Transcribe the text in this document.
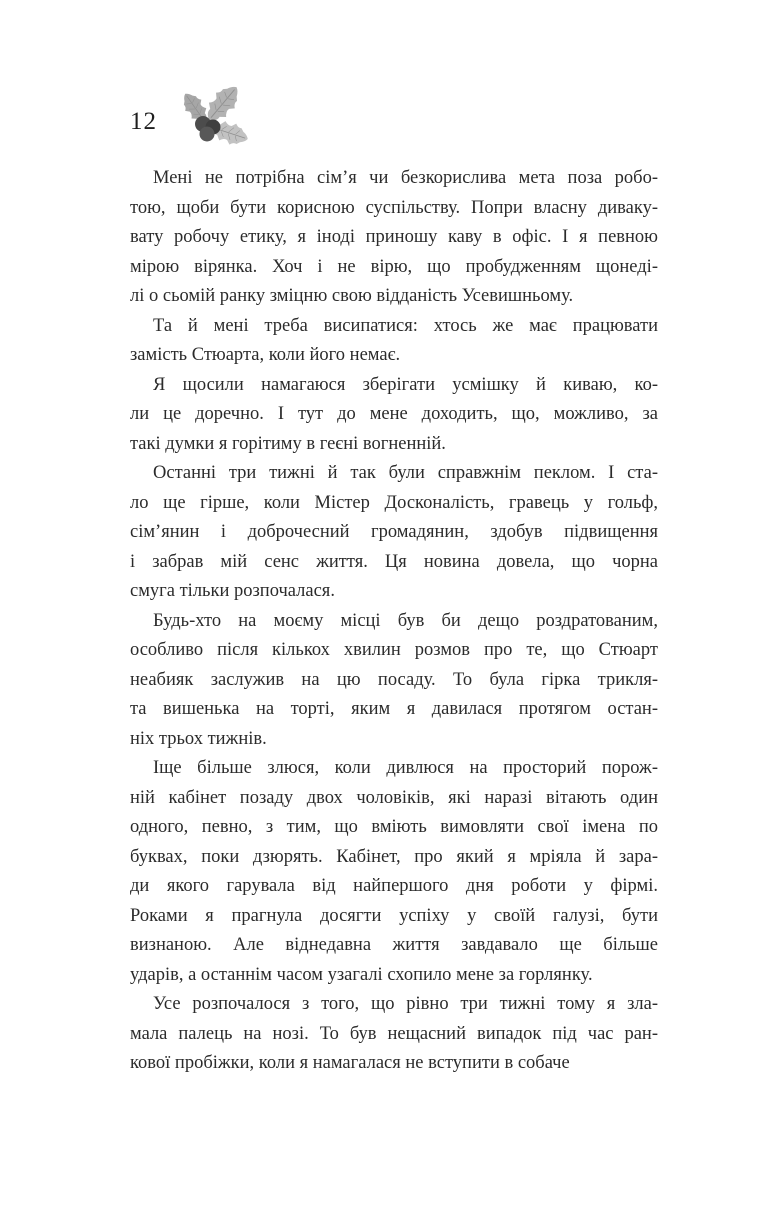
12

Мені не потрібна сім’я чи безкорислива мета поза робо-
тою, щоби бути корисною суспільству. Попри власну диваку-
вату робочу етику, я іноді приношу каву в офіс. І я певною
мірою вірянка. Хоч і не вірю, що пробудженням щонеді-
лі о сьомій ранку зміцню свою відданість Усевишньому.

Та й мені треба висипатися: хтось же має працювати
замість Стюарта, коли його немає.

Я щосили намагаюся зберігати усмішку й киваю, ко-
ли це доречно. І тут до мене доходить, що, можливо, за
такі думки я горітиму в геєні вогненній.

Останні три тижні й так були справжнім пеклом. І ста-
ло ще гірше, коли Містер Досконалість, гравець у гольф,
сім’янин і доброчесний громадянин, здобув підвищення
і забрав мій сенс життя. Ця новина довела, що чорна
смуга тільки розпочалася.

Будь-хто на моєму місці був би дещо роздратованим,
особливо після кількох хвилин розмов про те, що Стюарт
неабияк заслужив на цю посаду. То була гірка трикля-
та вишенька на торті, яким я давилася протягом остан-
ніх трьох тижнів.

Іще більше злюся, коли дивлюся на просторий порож-
ній кабінет позаду двох чоловіків, які наразі вітають один
одного, певно, з тим, що вміють вимовляти свої імена по
буквах, поки дзюрять. Кабінет, про який я мріяла й зара-
ди якого гарувала від найпершого дня роботи у фірмі.
Роками я прагнула досягти успіху у своїй галузі, бути
визнаною. Але віднедавна життя завдавало ще більше
ударів, а останнім часом узагалі схопило мене за горлянку.

Усе розпочалося з того, що рівно три тижні тому я зла-
мала палець на нозі. То був нещасний випадок під час ран-
кової пробіжки, коли я намагалася не вступити в собаче
